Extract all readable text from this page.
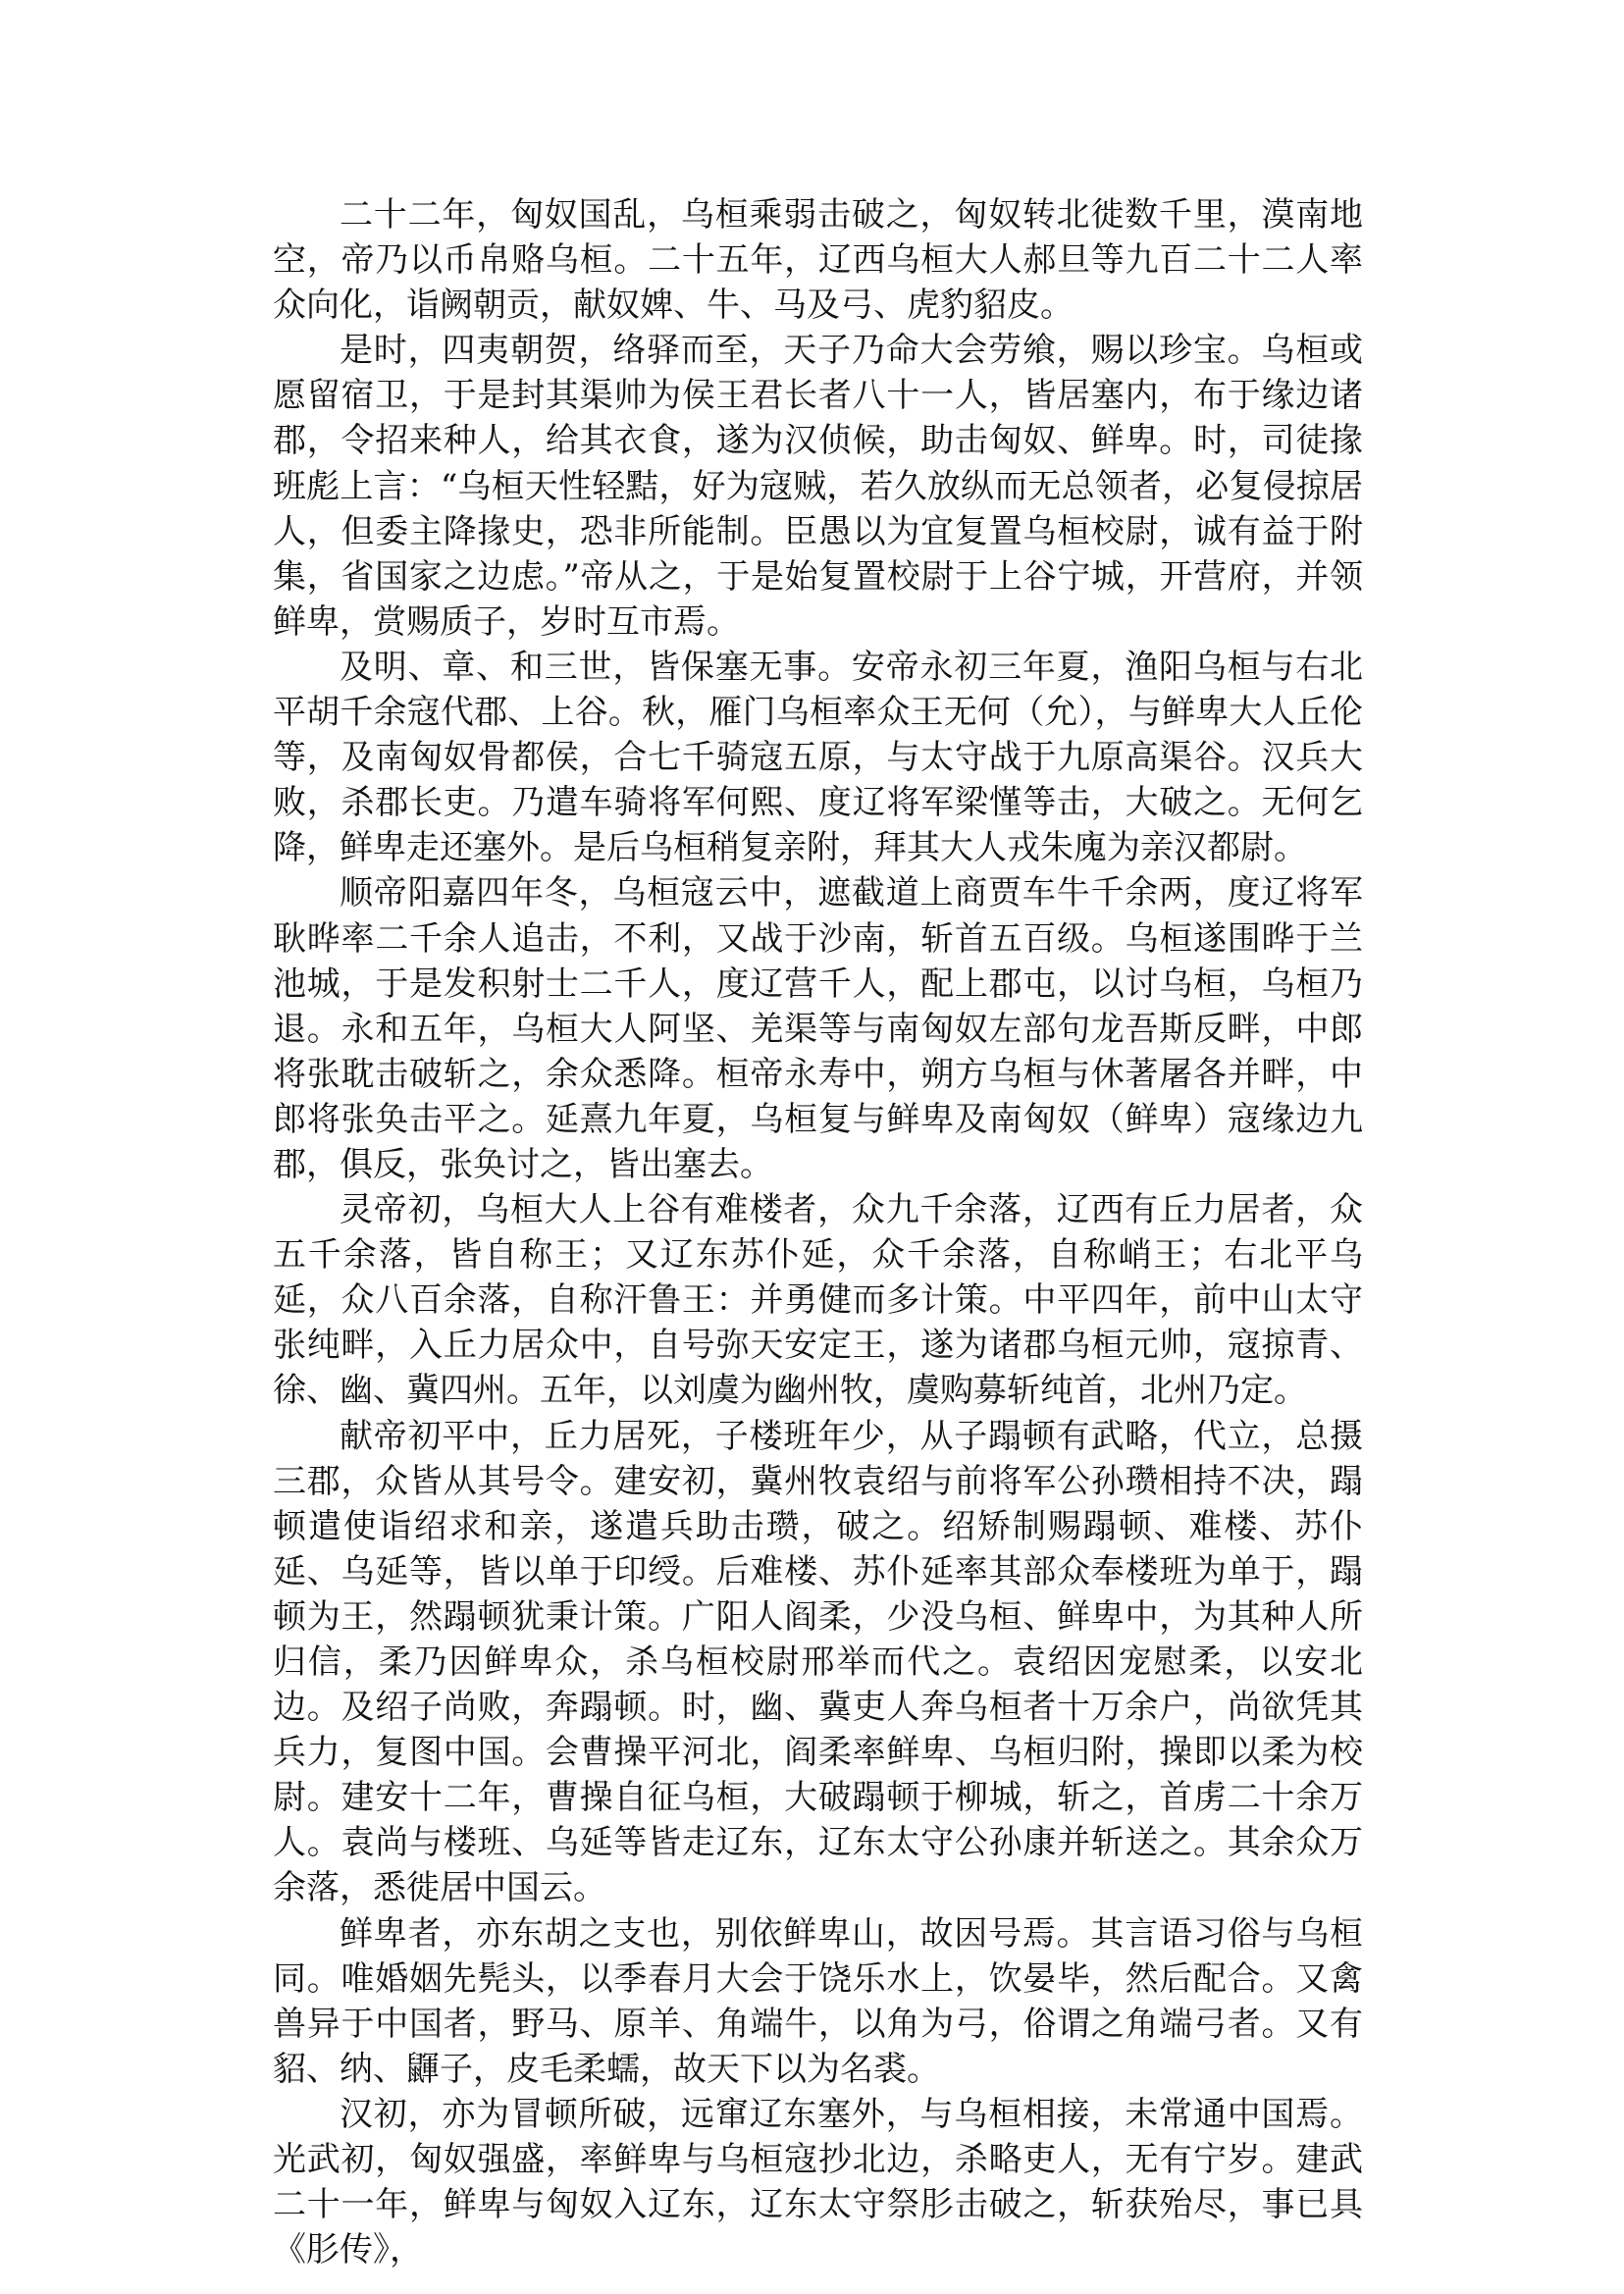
二十二年，匈奴国乱，乌桓乘弱击破之，匈奴转北徙数千里，漠南地空，帝乃以币帛赂乌桓。二十五年，辽西乌桓大人郝旦等九百二十二人率众向化，诣阙朝贡，献奴婢、牛、马及弓、虎豹貂皮。

是时，四夷朝贺，络驿而至，天子乃命大会劳飨，赐以珍宝。乌桓或愿留宿卫，于是封其渠帅为侯王君长者八十一人，皆居塞内，布于缘边诸郡，令招来种人，给其衣食，遂为汉侦候，助击匈奴、鲜卑。时，司徒掾班彪上言：“乌桓天性轻黠，好为寇贼，若久放纵而无总领者，必复侵掠居人，但委主降掾史，恐非所能制。臣愚以为宜复置乌桓校尉，诚有益于附集，省国家之边虑。”帝从之，于是始复置校尉于上谷宁城，开营府，并领鲜卑，赏赐质子，岁时互市焉。

及明、章、和三世，皆保塞无事。安帝永初三年夏，渔阳乌桓与右北平胡千余寇代郡、上谷。秋，雁门乌桓率众王无何（允），与鲜卑大人丘伦等，及南匈奴骨都侯，合七千骑寇五原，与太守战于九原高渠谷。汉兵大败，杀郡长吏。乃遣车骑将军何熙、度辽将军梁慬等击，大破之。无何乞降，鲜卑走还塞外。是后乌桓稍复亲附，拜其大人戎朱廆为亲汉都尉。

顺帝阳嘉四年冬，乌桓寇云中，遮截道上商贾车牛千余两，度辽将军耿晔率二千余人追击，不利，又战于沙南，斩首五百级。乌桓遂围晔于兰池城，于是发积射士二千人，度辽营千人，配上郡屯，以讨乌桓，乌桓乃退。永和五年，乌桓大人阿坚、羌渠等与南匈奴左部句龙吾斯反畔，中郎将张耽击破斩之，余众悉降。桓帝永寿中，朔方乌桓与休著屠各并畔，中郎将张奂击平之。延熹九年夏，乌桓复与鲜卑及南匈奴（鲜卑）寇缘边九郡，俱反，张奂讨之，皆出塞去。

灵帝初，乌桓大人上谷有难楼者，众九千余落，辽西有丘力居者，众五千余落，皆自称王；又辽东苏仆延，众千余落，自称峭王；右北平乌延，众八百余落，自称汗鲁王：并勇健而多计策。中平四年，前中山太守张纯畔，入丘力居众中，自号弥天安定王，遂为诸郡乌桓元帅，寇掠青、徐、幽、冀四州。五年，以刘虞为幽州牧，虞购募斩纯首，北州乃定。

献帝初平中，丘力居死，子楼班年少，从子蹋顿有武略，代立，总摄三郡，众皆从其号令。建安初，冀州牧袁绍与前将军公孙瓒相持不决，蹋顿遣使诣绍求和亲，遂遣兵助击瓒，破之。绍矫制赐蹋顿、难楼、苏仆延、乌延等，皆以单于印绶。后难楼、苏仆延率其部众奉楼班为单于，蹋顿为王，然蹋顿犹秉计策。广阳人阎柔，少没乌桓、鲜卑中，为其种人所归信，柔乃因鲜卑众，杀乌桓校尉邢举而代之。袁绍因宠慰柔，以安北边。及绍子尚败，奔蹋顿。时，幽、冀吏人奔乌桓者十万余户，尚欲凭其兵力，复图中国。会曹操平河北，阎柔率鲜卑、乌桓归附，操即以柔为校尉。建安十二年，曹操自征乌桓，大破蹋顿于柳城，斩之，首虏二十余万人。袁尚与楼班、乌延等皆走辽东，辽东太守公孙康并斩送之。其余众万余落，悉徙居中国云。

鲜卑者，亦东胡之支也，别依鲜卑山，故因号焉。其言语习俗与乌桓同。唯婚姻先髡头，以季春月大会于饶乐水上，饮晏毕，然后配合。又禽兽异于中国者，野马、原羊、角端牛，以角为弓，俗谓之角端弓者。又有貂、纳、鼲子，皮毛柔蠕，故天下以为名裘。

汉初，亦为冒顿所破，远窜辽东塞外，与乌桓相接，未常通中国焉。光武初，匈奴强盛，率鲜卑与乌桓寇抄北边，杀略吏人，无有宁岁。建武二十一年，鲜卑与匈奴入辽东，辽东太守祭肜击破之，斩获殆尽，事已具《肜传》，
